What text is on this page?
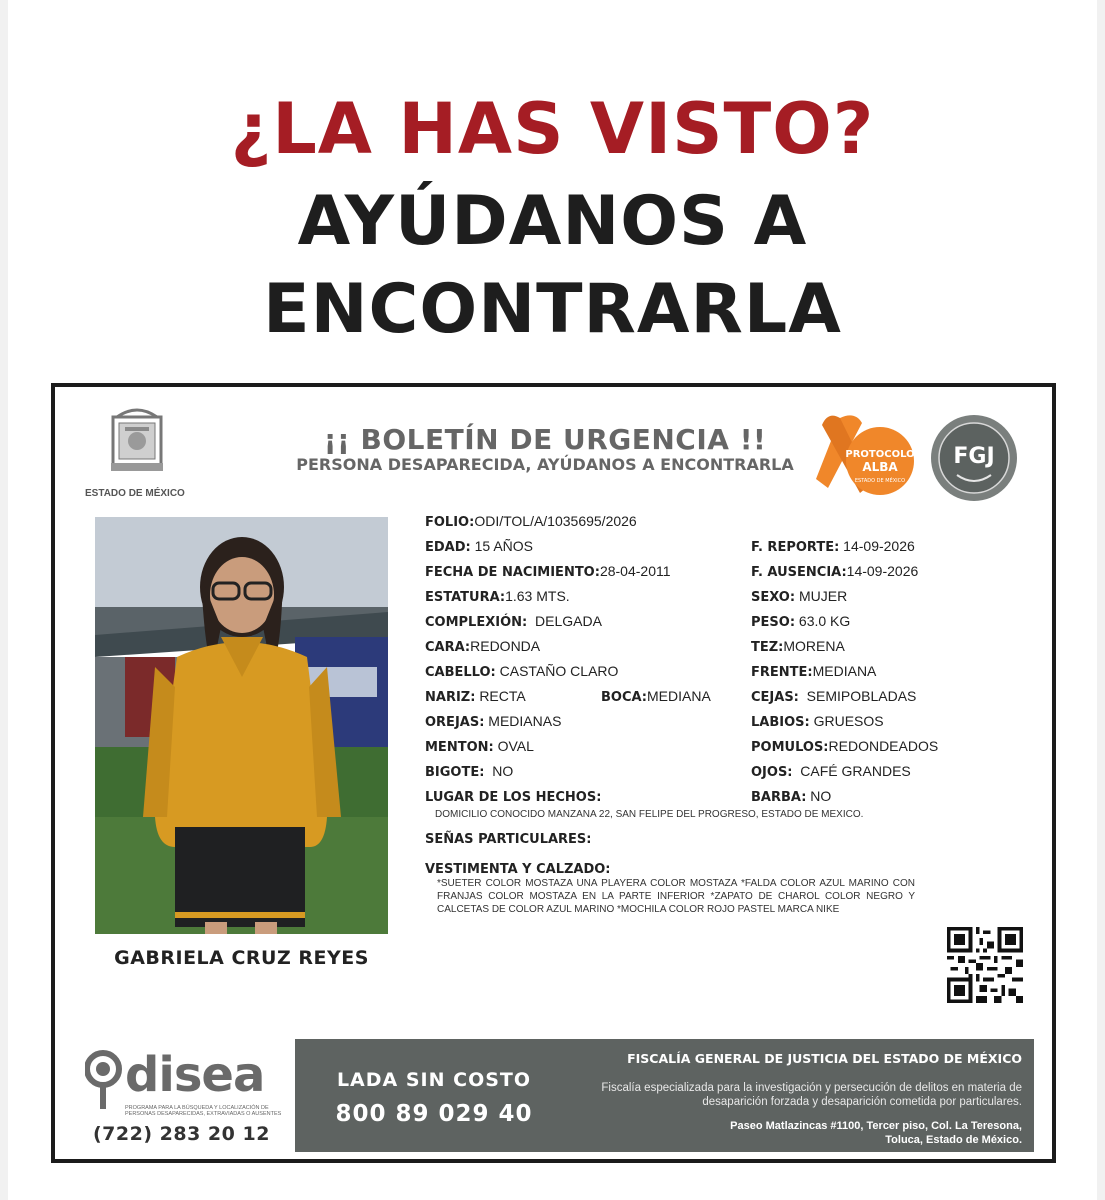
¿LA HAS VISTO?
AYÚDANOS A
ENCONTRARLA
ESTADO DE MÉXICO
¡¡ BOLETÍN DE URGENCIA !!
PERSONA DESAPARECIDA, AYÚDANOS A ENCONTRARLA
PROTOCOLO
ALBA
ESTADO DE MÉXICO
FGJ
GABRIELA CRUZ REYES
FOLIO:ODI/TOL/A/1035695/2026
EDAD: 15 AÑOS	F. REPORTE: 14-09-2026
FECHA DE NACIMIENTO:28-04-2011	F. AUSENCIA:14-09-2026
ESTATURA:1.63 MTS.	SEXO: MUJER
COMPLEXIÓN: DELGADA	PESO: 63.0 KG
CARA:REDONDA	TEZ:MORENA
CABELLO: CASTAÑO CLARO	FRENTE:MEDIANA
NARIZ: RECTA	BOCA:MEDIANA	CEJAS: SEMIPOBLADAS
OREJAS: MEDIANAS	LABIOS: GRUESOS
MENTON: OVAL	POMULOS:REDONDEADOS
BIGOTE: NO	OJOS: CAFÉ GRANDES
LUGAR DE LOS HECHOS:	BARBA: NO
DOMICILIO CONOCIDO MANZANA 22, SAN FELIPE DEL PROGRESO, ESTADO DE MEXICO.
SEÑAS PARTICULARES:
VESTIMENTA Y CALZADO:
*SUETER COLOR MOSTAZA UNA PLAYERA COLOR MOSTAZA *FALDA COLOR AZUL MARINO CON FRANJAS COLOR MOSTAZA EN LA PARTE INFERIOR *ZAPATO DE CHAROL COLOR NEGRO Y CALCETAS DE COLOR AZUL MARINO *MOCHILA COLOR ROJO PASTEL MARCA NIKE
disea
PROGRAMA PARA LA BÚSQUEDA Y LOCALIZACIÓN DE PERSONAS DESAPARECIDAS, EXTRAVIADAS O AUSENTES
(722) 283 20 12
LADA SIN COSTO
800 89 029 40
FISCALÍA GENERAL DE JUSTICIA DEL ESTADO DE MÉXICO
Fiscalía especializada para la investigación y persecución de delitos en materia de desaparición forzada y desaparición cometida por particulares.
Paseo Matlazincas #1100, Tercer piso, Col. La Teresona,
Toluca, Estado de México.
